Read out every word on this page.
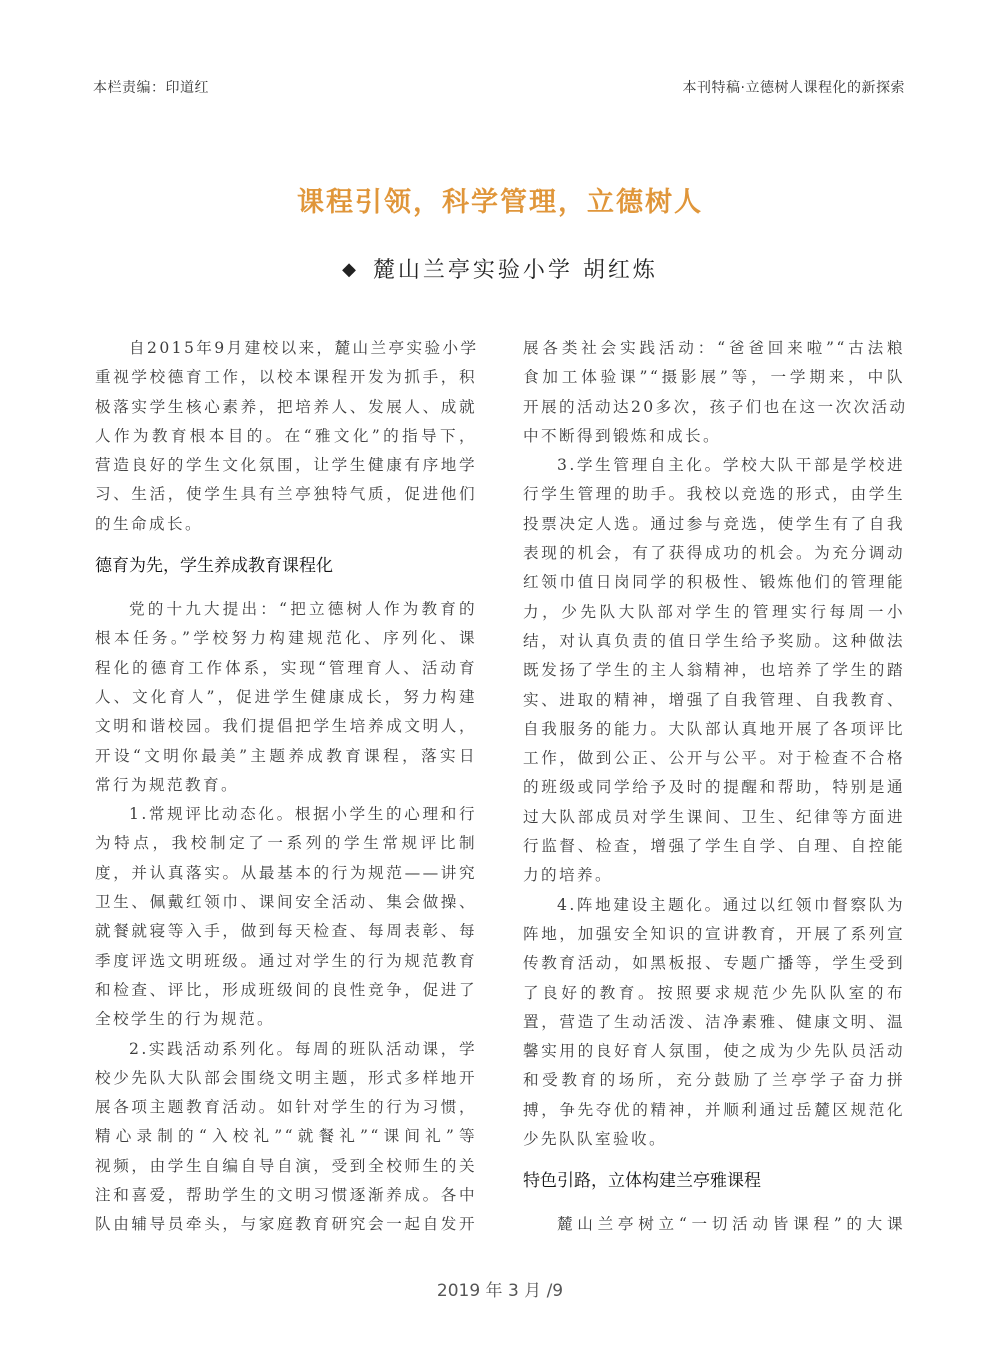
本栏责编：印道红	本刊特稿·立德树人课程化的新探索
课程引领，科学管理，立德树人
◆ 麓山兰亭实验小学 胡红炼
自2015年9月建校以来，麓山兰亭实验小学
重视学校德育工作，以校本课程开发为抓手，积
极落实学生核心素养，把培养人、发展人、成就
人作为教育根本目的。在“雅文化”的指导下，
营造良好的学生文化氛围，让学生健康有序地学
习、生活，使学生具有兰亭独特气质，促进他们
的生命成长。
德育为先，学生养成教育课程化
党的十九大提出：“把立德树人作为教育的
根本任务。”学校努力构建规范化、序列化、课
程化的德育工作体系，实现“管理育人、活动育
人、文化育人”，促进学生健康成长，努力构建
文明和谐校园。我们提倡把学生培养成文明人，
开设“文明你最美”主题养成教育课程，落实日
常行为规范教育。
1.常规评比动态化。根据小学生的心理和行
为特点，我校制定了一系列的学生常规评比制
度，并认真落实。从最基本的行为规范——讲究
卫生、佩戴红领巾、课间安全活动、集会做操、
就餐就寝等入手，做到每天检查、每周表彰、每
季度评选文明班级。通过对学生的行为规范教育
和检查、评比，形成班级间的良性竞争，促进了
全校学生的行为规范。
2.实践活动系列化。每周的班队活动课，学
校少先队大队部会围绕文明主题，形式多样地开
展各项主题教育活动。如针对学生的行为习惯，
精心录制的“入校礼”“就餐礼”“课间礼”等
视频，由学生自编自导自演，受到全校师生的关
注和喜爱，帮助学生的文明习惯逐渐养成。各中
队由辅导员牵头，与家庭教育研究会一起自发开
展各类社会实践活动：“爸爸回来啦”“古法粮
食加工体验课”“摄影展”等，一学期来，中队
开展的活动达20多次，孩子们也在这一次次活动
中不断得到锻炼和成长。
3.学生管理自主化。学校大队干部是学校进
行学生管理的助手。我校以竞选的形式，由学生
投票决定人选。通过参与竞选，使学生有了自我
表现的机会，有了获得成功的机会。为充分调动
红领巾值日岗同学的积极性、锻炼他们的管理能
力，少先队大队部对学生的管理实行每周一小
结，对认真负责的值日学生给予奖励。这种做法
既发扬了学生的主人翁精神，也培养了学生的踏
实、进取的精神，增强了自我管理、自我教育、
自我服务的能力。大队部认真地开展了各项评比
工作，做到公正、公开与公平。对于检查不合格
的班级或同学给予及时的提醒和帮助，特别是通
过大队部成员对学生课间、卫生、纪律等方面进
行监督、检查，增强了学生自学、自理、自控能
力的培养。
4.阵地建设主题化。通过以红领巾督察队为
阵地，加强安全知识的宣讲教育，开展了系列宣
传教育活动，如黑板报、专题广播等，学生受到
了良好的教育。按照要求规范少先队队室的布
置，营造了生动活泼、洁净素雅、健康文明、温
馨实用的良好育人氛围，使之成为少先队员活动
和受教育的场所，充分鼓励了兰亭学子奋力拼
搏，争先夺优的精神，并顺利通过岳麓区规范化
少先队队室验收。
特色引路，立体构建兰亭雅课程
麓山兰亭树立“一切活动皆课程”的大课
2019 年 3 月 /9
